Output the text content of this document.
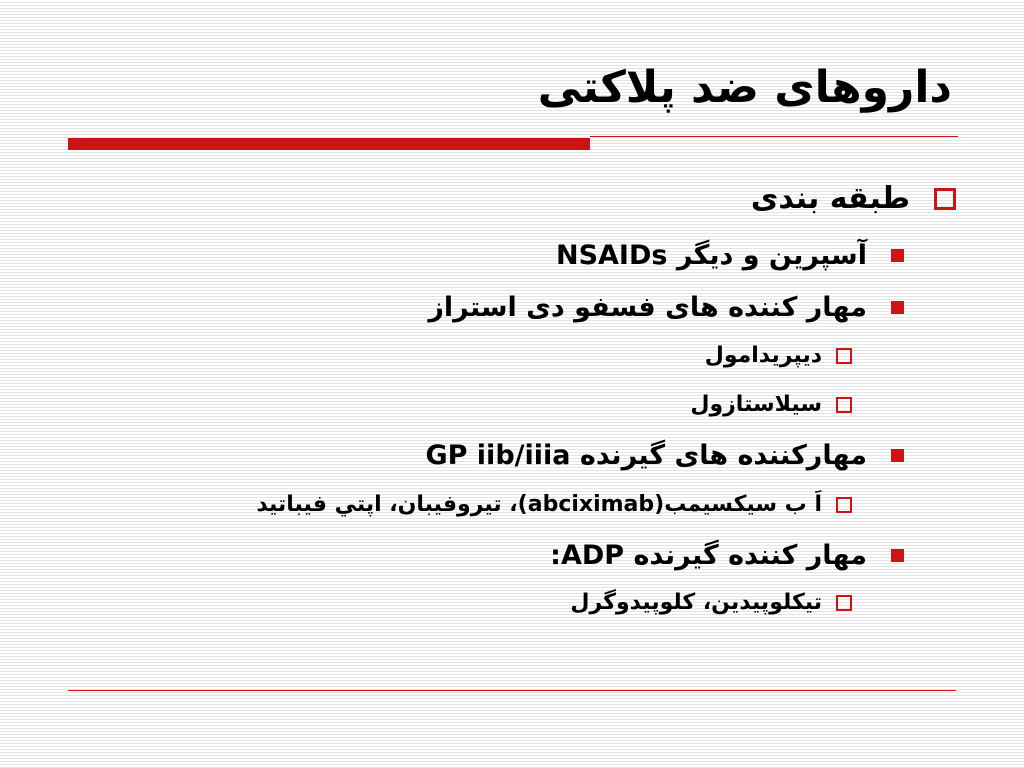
داروهای ضد پلاکتی
طبقه بندی
آسپرین و دیگر NSAIDs
مهار کننده های فسفو دی استراز
دیپریدامول
سیلاستازول
مهارکننده های گیرنده GP iib/iiia
اَ ب سیکسیمب(abciximab)، تیروفیبان، اپتي فيباتيد
مهار کننده گیرنده ADP:
تیکلوپیدین، کلوپیدوگرل
